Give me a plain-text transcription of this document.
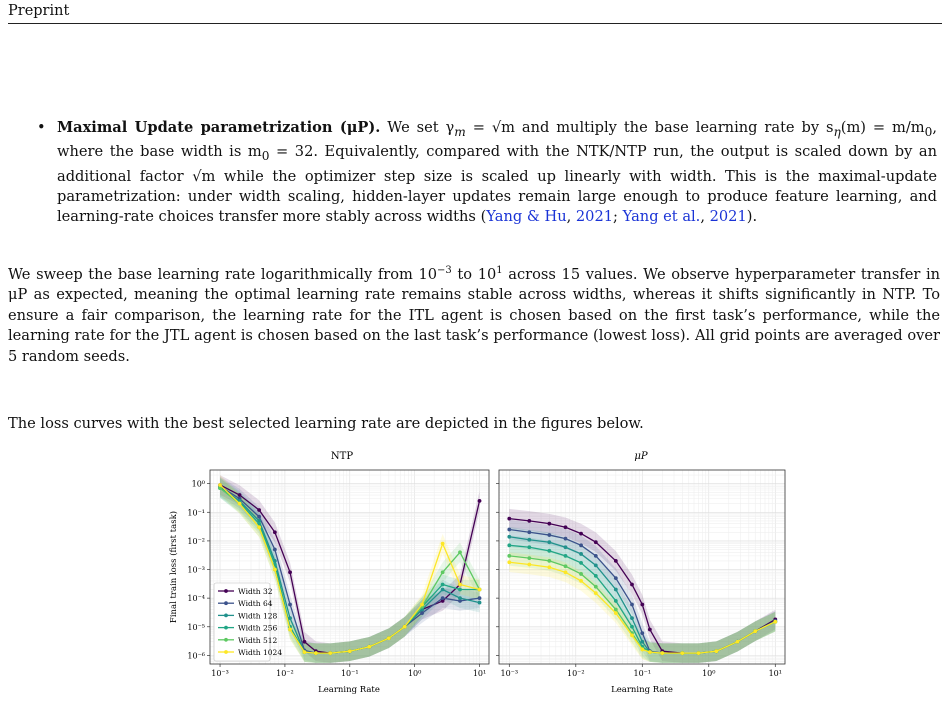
Preprint
• Maximal Update parametrization (μP). We set $\gamma_m = √m$ and multiply the base learning rate by $s_\eta(m) = m/m_0$, where the base width is $m_0 = 32$. Equivalently, compared with the NTK/NTP run, the output is scaled down by an additional factor √m while the optimizer step size is scaled up linearly with width. This is the maximal-update parametrization: under width scaling, hidden-layer updates remain large enough to produce feature learning, and learning-rate choices transfer more stably across widths (Yang & Hu, 2021; Yang et al., 2021).
We sweep the base learning rate logarithmically from $10^{-3}$ to $10^1$ across 15 values. We observe hyperparameter transfer in μP as expected, meaning the optimal learning rate remains stable across widths, whereas it shifts significantly in NTP. To ensure a fair comparison, the learning rate for the ITL agent is chosen based on the first task’s performance, while the learning rate for the JTL agent is chosen based on the last task’s performance (lowest loss). All grid points are averaged over 5 random seeds.
The loss curves with the best selected learning rate are depicted in the figures below.
NTP
10⁻³	10⁻²	10⁻¹	10⁰	10¹
10⁰
10⁻¹
10⁻²
10⁻³
10⁻⁴
10⁻⁵
10⁻⁶
Learning Rate
Final train loss (first task)
μP
10⁻³	10⁻²	10⁻¹	10⁰	10¹
Learning Rate
Width 32
Width 64
Width 128
Width 256
Width 512
Width 1024
